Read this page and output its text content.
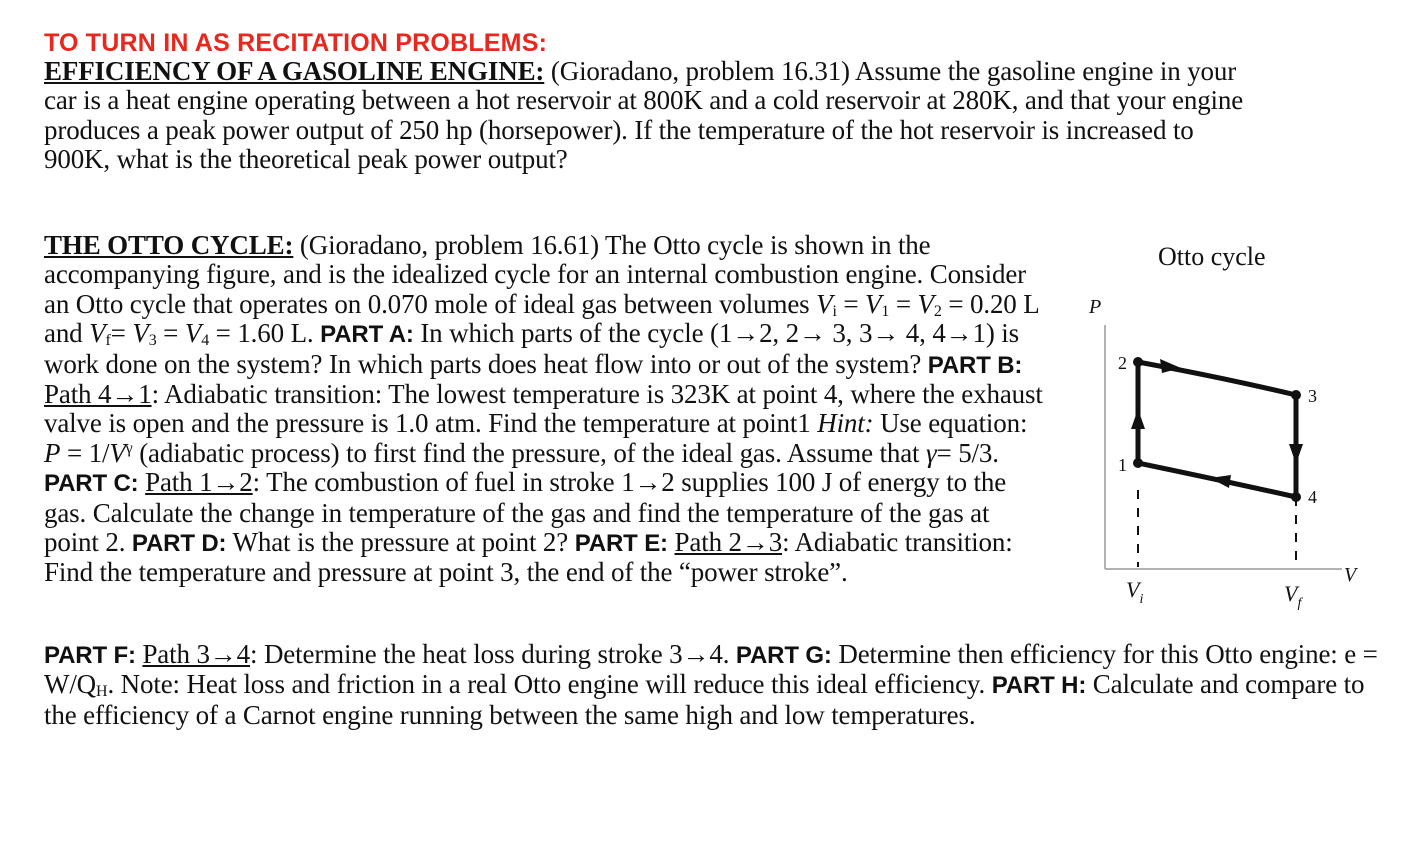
TO TURN IN AS RECITATION PROBLEMS:

EFFICIENCY OF A GASOLINE ENGINE: (Gioradano, problem 16.31) Assume the gasoline engine in your car is a heat engine operating between a hot reservoir at 800K and a cold reservoir at 280K, and that your engine produces a peak power output of 250 hp (horsepower). If the temperature of the hot reservoir is increased to 900K, what is the theoretical peak power output?

THE OTTO CYCLE: (Gioradano, problem 16.61) The Otto cycle is shown in the accompanying figure, and is the idealized cycle for an internal combustion engine. Consider an Otto cycle that operates on 0.070 mole of ideal gas between volumes $V_i = V_1 = V_2 = 0.20$ L and $V_f= V_3 = V_4 = 1.60$ L. PART A: In which parts of the cycle (1→2, 2→ 3, 3→ 4, 4→1) is work done on the system? In which parts does heat flow into or out of the system? PART B: Path 4→1: Adiabatic transition: The lowest temperature is 323K at point 4, where the exhaust valve is open and the pressure is 1.0 atm. Find the temperature at point1 Hint: Use equation: $P = 1/V^\gamma$ (adiabatic process) to first find the pressure, of the ideal gas. Assume that γ= 5/3. PART C: Path 1→2: The combustion of fuel in stroke 1→2 supplies 100 J of energy to the gas. Calculate the change in temperature of the gas and find the temperature of the gas at point 2. PART D: What is the pressure at point 2? PART E: Path 2→3: Adiabatic transition: Find the temperature and pressure at point 3, the end of the “power stroke”.

PART F: Path 3→4: Determine the heat loss during stroke 3→4. PART G: Determine then efficiency for this Otto engine: $e = W/Q_H$. Note: Heat loss and friction in a real Otto engine will reduce this ideal efficiency. PART H: Calculate and compare to the efficiency of a Carnot engine running between the same high and low temperatures.

Otto cycle
P
V
1
2
3
4
$V_i$	$V_f$
